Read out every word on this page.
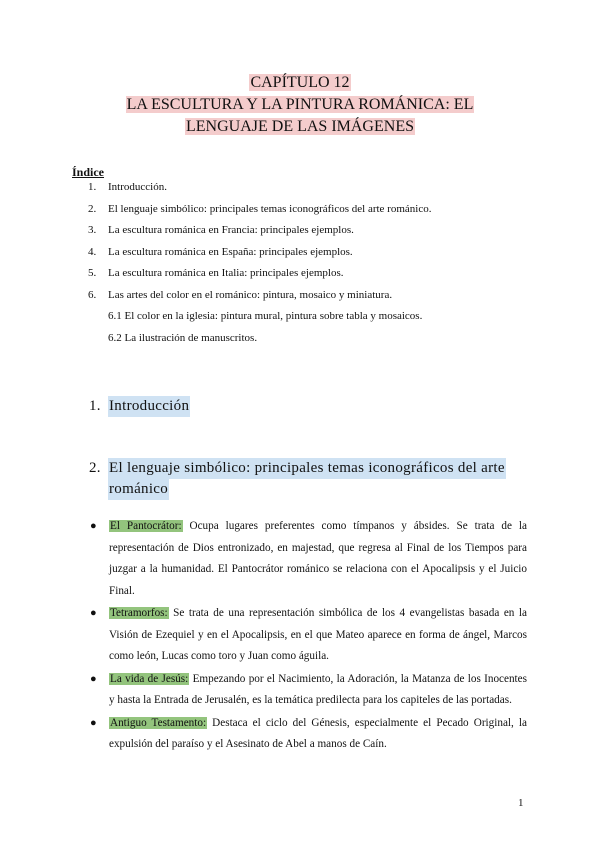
CAPÍTULO 12

LA ESCULTURA Y LA PINTURA ROMÁNICA: EL

LENGUAJE DE LAS IMÁGENES

Índice
1.	Introducción.
2.	El lenguaje simbólico: principales temas iconográficos del arte románico.
3.	La escultura románica en Francia: principales ejemplos.
4.	La escultura románica en España: principales ejemplos.
5.	La escultura románica en Italia: principales ejemplos.
6.	Las artes del color en el románico: pintura, mosaico y miniatura.
6.1 El color en la iglesia: pintura mural, pintura sobre tabla y mosaicos.
6.2 La ilustración de manuscritos.
1. Introducción
2. El lenguaje simbólico: principales temas iconográficos del arte
románico
● El Pantocrátor: Ocupa lugares preferentes como tímpanos y ábsides. Se trata de la representación de Dios entronizado, en majestad, que regresa al Final de los Tiempos para juzgar a la humanidad. El Pantocrátor románico se relaciona con el Apocalipsis y el Juicio Final.
● Tetramorfos: Se trata de una representación simbólica de los 4 evangelistas basada en la Visión de Ezequiel y en el Apocalipsis, en el que Mateo aparece en forma de ángel, Marcos como león, Lucas como toro y Juan como águila.
● La vida de Jesús: Empezando por el Nacimiento, la Adoración, la Matanza de los Inocentes y hasta la Entrada de Jerusalén, es la temática predilecta para los capiteles de las portadas.
● Antiguo Testamento: Destaca el ciclo del Génesis, especialmente el Pecado Original, la expulsión del paraíso y el Asesinato de Abel a manos de Caín.
1
